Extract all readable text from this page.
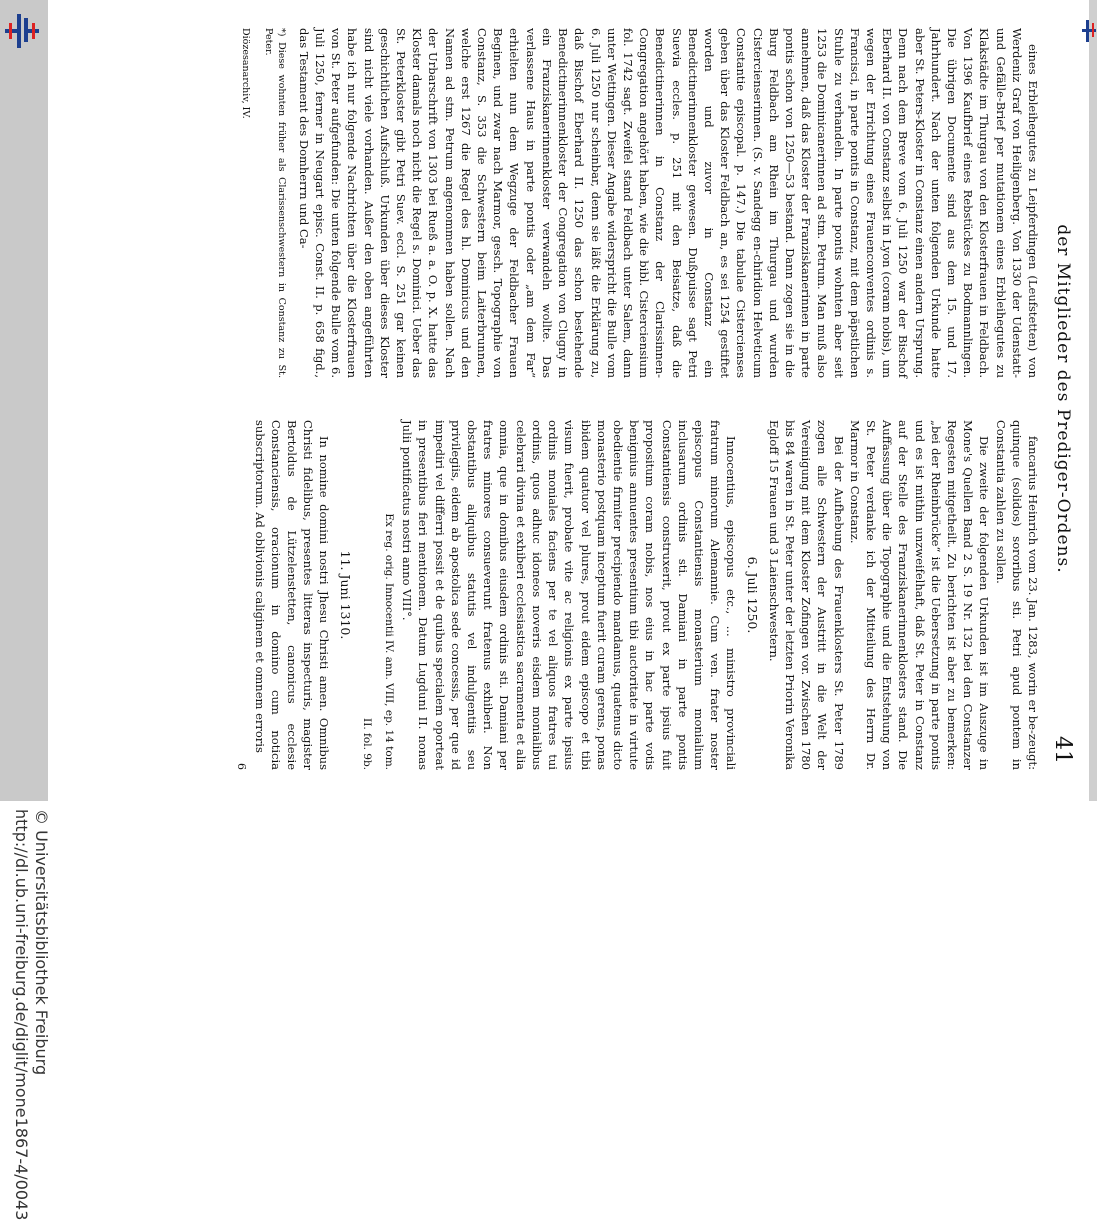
http://dl.ub.uni-freiburg.de/diglit/mone1867-4/0043 © Universitätsbibliothek Freiburg
der Mitglieder des Prediger-Ordens.
41

eines Erbleihegutes zu Leipferdingen (Leufstetten) von Werdeniz Graf von Heiligenberg. Von 1330 der Udenstatt- und Gefälle-Brief per mutationem eines Erbleihegutes zu Klakstädte im Thurgau von den Klosterfrauen in Feldbach. Von 1396 Kaufbrief eines Rebstückes zu Bodmannlingen. Die übrigen Documente sind aus dem 15. und 17. Jahrhundert. Nach der unten folgenden Urkunde hatte aber St. Peters-Kloster in Constanz einen andern Ursprung. Denn nach dem Breve vom 6. Juli 1250 war der Bischof Eberhard II. von Constanz selbst in Lyon (coram nobis), um wegen der Errichtung eines Frauenconventes ordinis s. Francisci, in parte pontis in Constanz, mit dem päpstlichen Stuhle zu verhandeln. In parte pontis wohnten aber seit 1253 die Dominicanerinnen ad stm. Petrum. Man muß also annehmen, daß das Kloster der Franziskanerinnen in parte pontis schon von 1250—53 bestand. Dann zogen sie in die Burg Feldbach am Rhein im Thurgau und wurden Cistercienserinnen. (S. v. Sandegg en-chiridion Helveticum Constantie episcopal. p. 147.) Die tabulae Cistercienses geben über das Kloster Feldbach an, es sei 1254 gestiftet worden und zuvor in Constanz ein Benedictinerinnenkloster gewesen. Dußpuisse sagt Petri Suevia eccles. p. 251 mit den Beisatze, daß die Benedictinerinnen in Constanz der Clarissinnen-Congregation angehört haben, wie die bibl. Cisterciensium fol. 1742 sagt. Zweifel stand Feldbach unter Salem, dann unter Wettingen. Dieser Angabe widerspricht die Bulle vom 6. Juli 1250 nur scheinbar, denn sie läßt die Erklärung zu, daß Bischof Eberhard II. 1250 das schon bestehende Benedictinerinnenkloster der Congregation von Clugny in ein Franziskanerinnenkloster verwandeln wollte. Das verlassene Haus in parte pontis oder „am dem Far“ erhielten nun dem Wegzuge der Feldbacher Frauen Beginen, und zwar nach Marmor, gesch. Topographie von Constanz, S. 353 die Schwestern beim Laiterbrunnen, welche erst 1267 die Regel des hl. Dominicus und den Namen ad stm. Petrum angenommen haben sollen. Nach der Urbarschrift von 1303 bei Rueß a. a. O. p. X. hatte das Kloster damals noch nicht die Regel s. Dominici. Ueber das St. Peterkloster gibt Petri Suev. eccl. S. 251 gar keinen geschichtlichen Aufschluß. Urkunden über dieses Kloster sind nicht viele vorhanden. Außer den oben angeführten habe ich nur folgende Nachrichten über die Klosterfrauen von St. Peter aufgefunden: Die unten folgende Bulle vom 6. Juli 1250, ferner in Neugart episc. Const. II. p. 658 figd., das Testament des Domherrn und Ca-

*) Diese wohnten früher als Clarissenschwestern in Constanz zu St. Peter.

Diözesanarchiv, IV.

fancarius Heinrich vom 23. Jan. 1283, worin er be-zeugt: quinque (solidos) sororibus sti. Petri apud pontem in Constantia zahlen zu sollen.

Die zweite der folgenden Urkunden ist im Auszuge in Mone's Quellen Band 2 S. 19 Nr. 132 bei den Constanzer Regesten mitgetheilt. Zu berichten ist aber zu bemerken: „bei der Rheinbrücke“ ist die Uebersetzung in parte pontis und es ist mithin unzweifelhaft, daß St. Peter in Constanz auf der Stelle des Franziskanerinnenklosters stand. Die Auffassung über die Topographie und die Entstehung von St. Peter verdanke ich der Mitteilung des Herrn Dr. Marmor in Constanz.

Bei der Aufhebung des Frauenklosters St. Peter 1789 zogen alle Schwestern der Austritt in die Welt der Vereinigung mit dem Kloster Zofingen vor. Zwischen 1780 bis 84 waren in St. Peter unter der letzten Priorin Veronika Egloff 15 Frauen und 3 Laienschwestern.

6. Juli 1250.

Innocentius, episcopus etc., ... ministro provinciali fratrum minorum Alemannie. Cum ven. frater noster episcopus Constantiensis monasterium monialium inclusarum ordinis sti. Damiani in parte pontis Constantiensis construxerit, prout ex parte ipsius fuit propositum coram nobis, nos eius in hac parte votis benignius annuentes presentium tibi auctoritate in virtute obedientie firmiter precipiendo mandamus, quatenus dicto monasterio postquam inceptum fuerit curam gerens, ponas ibidem quatuor vel plures, prout eidem episcopo et tibi visum fuerit, probate vite ac religionis ex parte ipsius ordinis moniales faciens per te vel aliquos fratres tui ordinis, quos adhuc idoneos noveris eisdem monialibus celebrari divina et exhiberi ecclesiastica sacramenta et alia omnia, que in domibus eiusdem ordinis sti. Damiani per fratres minores consueverunt fratenus exhiberi. Non obstantibus aliquibus statutis vel indulgentiis seu privilegiis, eidem ab apostolica sede concessis, per que id impediri vel differri possit et de quibus specialem oporteat in presentibus fieri mentionem. Datum Lugduni II. nonas Julii pontificatus nostri anno VIII°.

Ex reg. orig. Innocentii IV. ann. VIII, ep. 14 tom.
II. fol. 9b.
11. Juni 1310.

In nomine domini nostri Jhesu Christi amen. Omnibus Christi fidelibus, presentes litteras inspecturis, magister Bertoldus de Lützelenstetten, canonicus ecclesie Constanciensis, oracionum in domino cum noticia subscriptorum. Ad oblivionis caliginem et omnem erroris

6
